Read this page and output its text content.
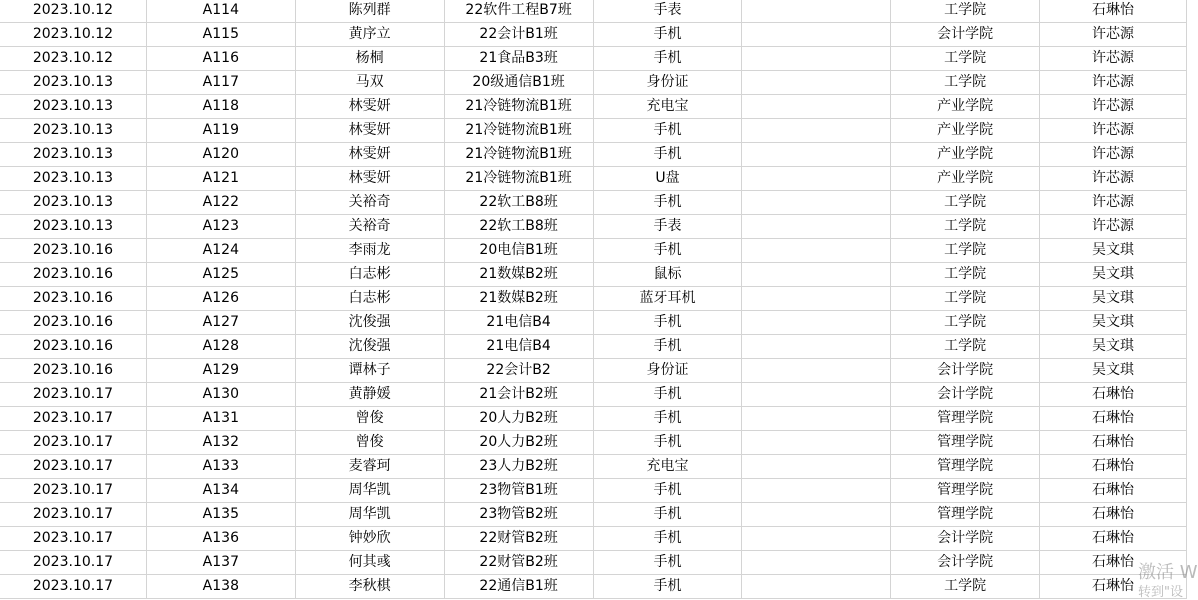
2023.10.12	A114	陈列群	22软件工程B7班	手表		工学院	石琳怡
2023.10.12	A115	黄序立	22会计B1班	手机		会计学院	许芯源
2023.10.12	A116	杨桐	21食品B3班	手机		工学院	许芯源
2023.10.13	A117	马双	20级通信B1班	身份证		工学院	许芯源
2023.10.13	A118	林雯妍	21冷链物流B1班	充电宝		产业学院	许芯源
2023.10.13	A119	林雯妍	21冷链物流B1班	手机		产业学院	许芯源
2023.10.13	A120	林雯妍	21冷链物流B1班	手机		产业学院	许芯源
2023.10.13	A121	林雯妍	21冷链物流B1班	U盘		产业学院	许芯源
2023.10.13	A122	关裕奇	22软工B8班	手机		工学院	许芯源
2023.10.13	A123	关裕奇	22软工B8班	手表		工学院	许芯源
2023.10.16	A124	李雨龙	20电信B1班	手机		工学院	吴文琪
2023.10.16	A125	白志彬	21数媒B2班	鼠标		工学院	吴文琪
2023.10.16	A126	白志彬	21数媒B2班	蓝牙耳机		工学院	吴文琪
2023.10.16	A127	沈俊强	21电信B4	手机		工学院	吴文琪
2023.10.16	A128	沈俊强	21电信B4	手机		工学院	吴文琪
2023.10.16	A129	谭林子	22会计B2	身份证		会计学院	吴文琪
2023.10.17	A130	黄静媛	21会计B2班	手机		会计学院	石琳怡
2023.10.17	A131	曾俊	20人力B2班	手机		管理学院	石琳怡
2023.10.17	A132	曾俊	20人力B2班	手机		管理学院	石琳怡
2023.10.17	A133	麦睿珂	23人力B2班	充电宝		管理学院	石琳怡
2023.10.17	A134	周华凯	23物管B1班	手机		管理学院	石琳怡
2023.10.17	A135	周华凯	23物管B2班	手机		管理学院	石琳怡
2023.10.17	A136	钟妙欣	22财管B2班	手机		会计学院	石琳怡
2023.10.17	A137	何其彧	22财管B2班	手机		会计学院	石琳怡
2023.10.17	A138	李秋棋	22通信B1班	手机		工学院	石琳怡
激活 W
转到"设
